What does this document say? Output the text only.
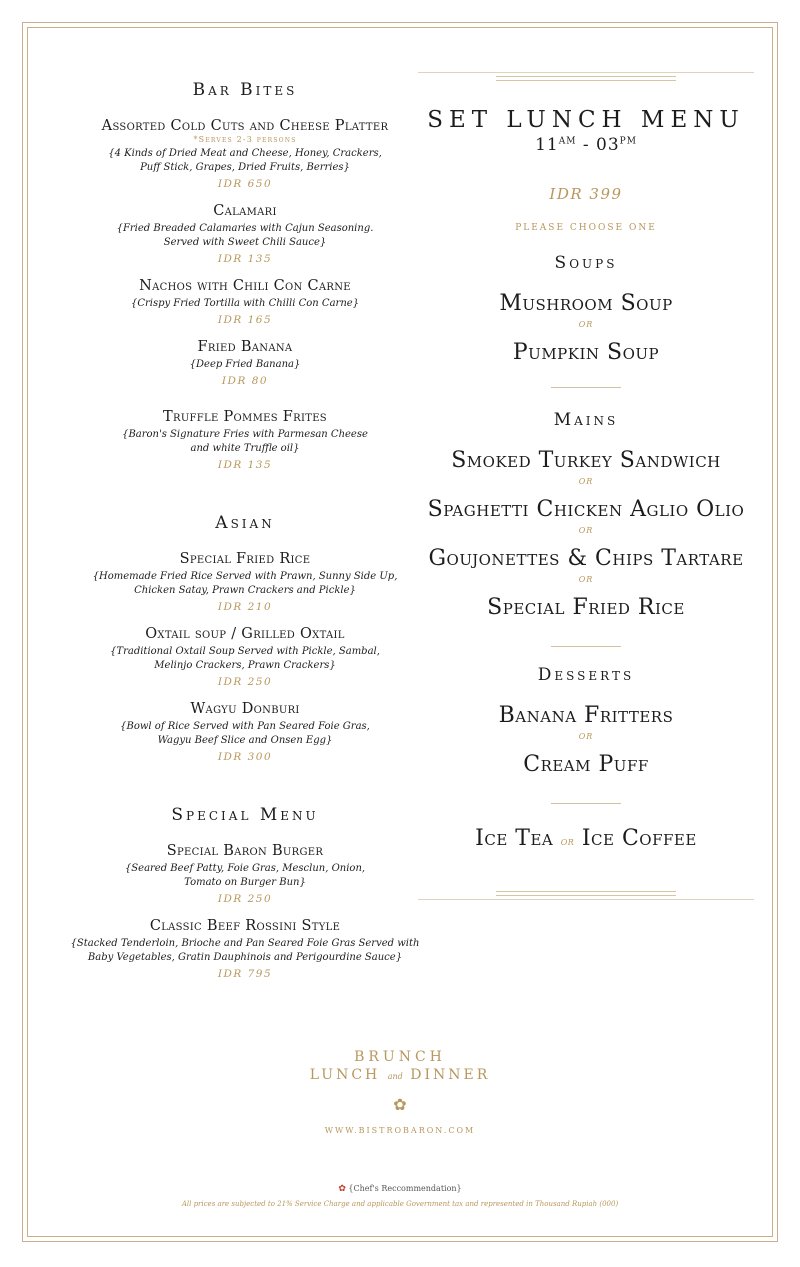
Bar Bites
Assorted Cold Cuts and Cheese Platter
*Serves 2-3 persons
{4 Kinds of Dried Meat and Cheese, Honey, Crackers,
Puff Stick, Grapes, Dried Fruits, Berries}
IDR 650
Calamari
{Fried Breaded Calamaries with Cajun Seasoning.
Served with Sweet Chili Sauce}
IDR 135
Nachos with Chili Con Carne
{Crispy Fried Tortilla with Chilli Con Carne}
IDR 165
Fried Banana
{Deep Fried Banana}
IDR 80
Truffle Pommes Frites
{Baron's Signature Fries with Parmesan Cheese
and white Truffle oil}
IDR 135
Asian
Special Fried Rice
{Homemade Fried Rice Served with Prawn, Sunny Side Up,
Chicken Satay, Prawn Crackers and Pickle}
IDR 210
Oxtail soup / Grilled Oxtail
{Traditional Oxtail Soup Served with Pickle, Sambal,
Melinjo Crackers, Prawn Crackers}
IDR 250
Wagyu Donburi
{Bowl of Rice Served with Pan Seared Foie Gras,
Wagyu Beef Slice and Onsen Egg}
IDR 300
Special Menu
Special Baron Burger
{Seared Beef Patty, Foie Gras, Mesclun, Onion,
Tomato on Burger Bun}
IDR 250
Classic Beef Rossini Style
{Stacked Tenderloin, Brioche and Pan Seared Foie Gras Served with
Baby Vegetables, Gratin Dauphinois and Perigourdine Sauce}
IDR 795
SET LUNCH MENU
$11^{AM} - 03^{PM}$
IDR 399
PLEASE CHOOSE ONE
Soups
Mushroom Soup
or
Pumpkin Soup
Mains
Smoked Turkey Sandwich
or
Spaghetti Chicken Aglio Olio
or
Goujonettes & Chips Tartare
or
Special Fried Rice
Desserts
Banana Fritters
or
Cream Puff
Ice Tea or Ice Coffee
BRUNCH
LUNCH and DINNER
✿
WWW.BISTROBARON.COM
✿ {Chef's Reccommendation}
All prices are subjected to 21% Service Charge and applicable Government tax and represented in Thousand Rupiah (000)
